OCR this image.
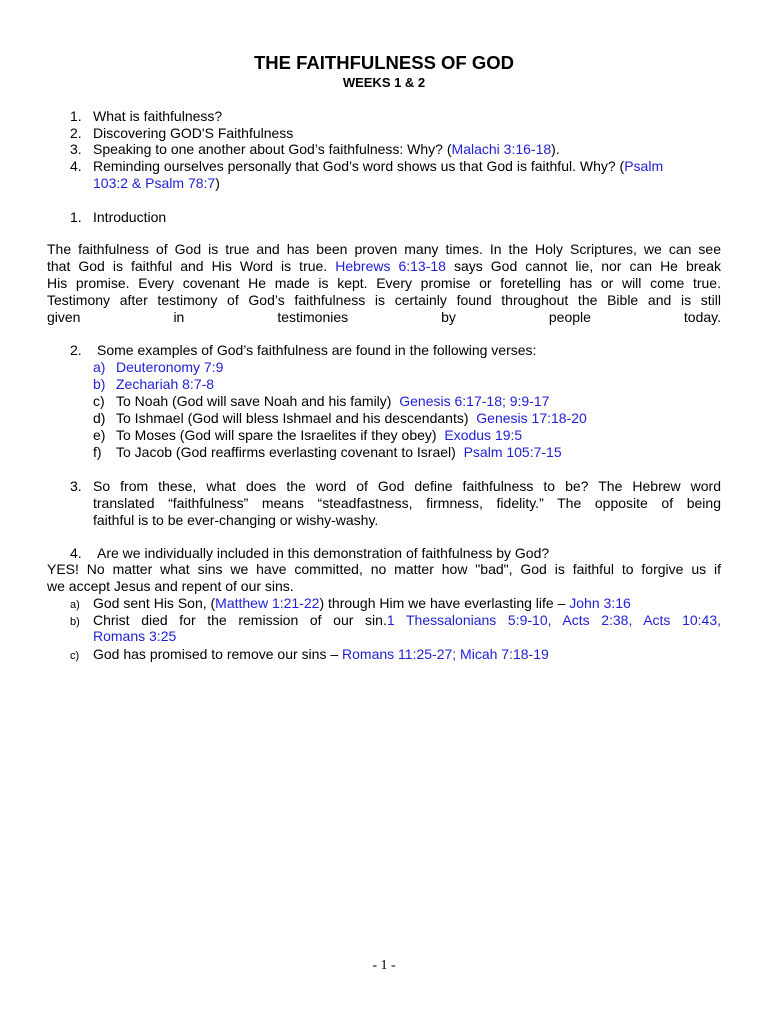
THE FAITHFULNESS OF GOD
WEEKS 1 & 2
1. What is faithfulness?
2. Discovering GOD'S Faithfulness
3. Speaking to one another about God’s faithfulness: Why? (Malachi 3:16-18).
4. Reminding ourselves personally that God’s word shows us that God is faithful. Why? (Psalm
103:2 & Psalm 78:7)
1. Introduction
The faithfulness of God is true and has been proven many times. In the Holy Scriptures, we can see
that God is faithful and His Word is true. Hebrews 6:13-18 says God cannot lie, nor can He break
His promise. Every covenant He made is kept. Every promise or foretelling has or will come true.
Testimony after testimony of God’s faithfulness is certainly found throughout the Bible and is still
given in testimonies by people today.
2. Some examples of God’s faithfulness are found in the following verses:
a) Deuteronomy 7:9
b) Zechariah 8:7-8
c) To Noah (God will save Noah and his family) Genesis 6:17-18; 9:9-17
d) To Ishmael (God will bless Ishmael and his descendants) Genesis 17:18-20
e) To Moses (God will spare the Israelites if they obey) Exodus 19:5
f) To Jacob (God reaffirms everlasting covenant to Israel) Psalm 105:7-15
3. So from these, what does the word of God define faithfulness to be? The Hebrew word
translated “faithfulness” means “steadfastness, firmness, fidelity.” The opposite of being
faithful is to be ever-changing or wishy-washy.
4. Are we individually included in this demonstration of faithfulness by God?
YES! No matter what sins we have committed, no matter how "bad", God is faithful to forgive us if
we accept Jesus and repent of our sins.
a) God sent His Son, (Matthew 1:21-22) through Him we have everlasting life – John 3:16
b) Christ died for the remission of our sin.1 Thessalonians 5:9-10, Acts 2:38, Acts 10:43,
Romans 3:25
c) God has promised to remove our sins – Romans 11:25-27; Micah 7:18-19
- 1 -
